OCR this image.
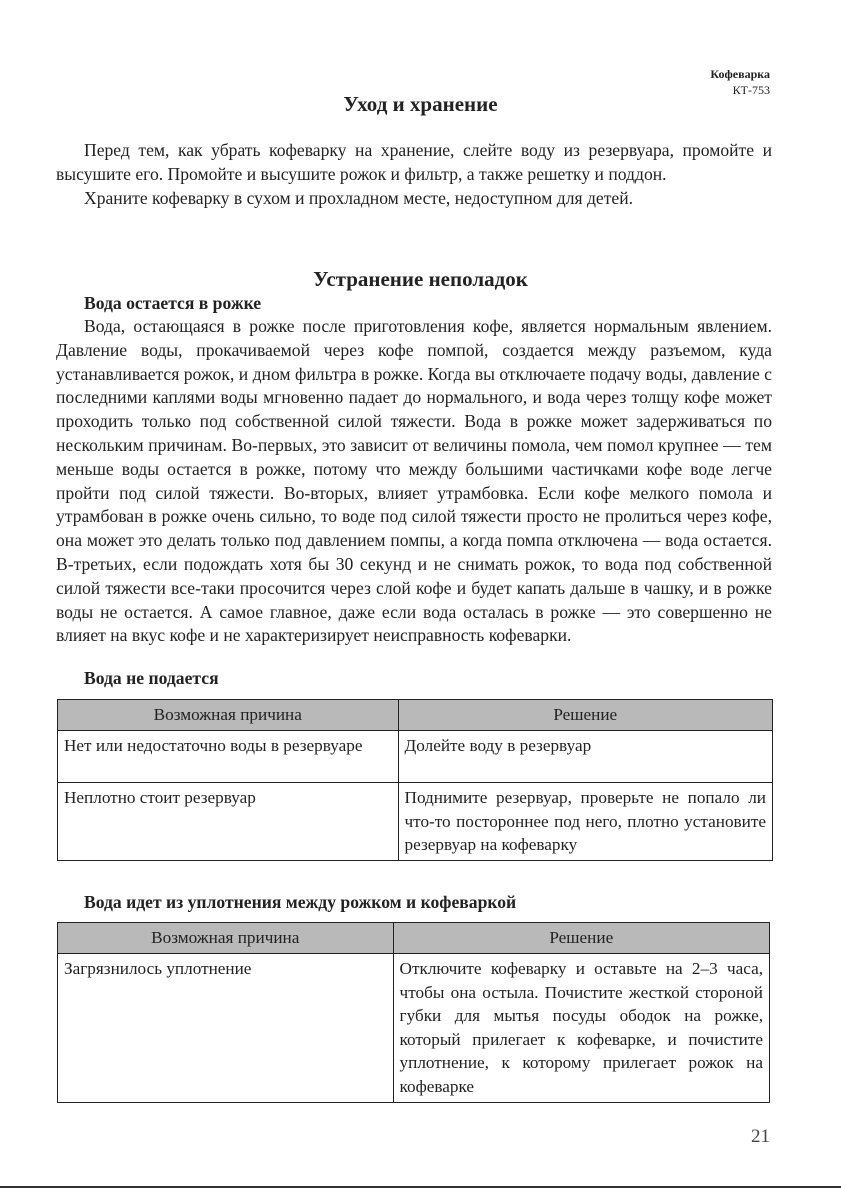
Кофеварка
КТ-753
Уход и хранение

Перед тем, как убрать кофеварку на хранение, слейте воду из резервуара, промойте и высушите его. Промойте и высушите рожок и фильтр, а также решетку и поддон.

Храните кофеварку в сухом и прохладном месте, недоступном для детей.

Устранение неполадок
Вода остается в рожке

Вода, остающаяся в рожке после приготовления кофе, является нормальным явлением. Давление воды, прокачиваемой через кофе помпой, создается между разъемом, куда устанавливается рожок, и дном фильтра в рожке. Когда вы отключаете подачу воды, давление с последними каплями воды мгновенно падает до нормального, и вода через толщу кофе может проходить только под собственной силой тяжести. Вода в рожке может задерживаться по нескольким причинам. Во-первых, это зависит от величины помола, чем помол крупнее — тем меньше воды остается в рожке, потому что между большими частичками кофе воде легче пройти под силой тяжести. Во-вторых, влияет утрамбовка. Если кофе мелкого помола и утрамбован в рожке очень сильно, то воде под силой тяжести просто не пролиться через кофе, она может это делать только под давлением помпы, а когда помпа отключена — вода остается. В-третьих, если подождать хотя бы 30 секунд и не снимать рожок, то вода под собственной силой тяжести все-таки просочится через слой кофе и будет капать дальше в чашку, и в рожке воды не остается. А самое главное, даже если вода осталась в рожке — это совершенно не влияет на вкус кофе и не характеризирует неисправность кофеварки.

Вода не подается
Возможная причина	Решение
Нет или недостаточно воды в резервуаре	Долейте воду в резервуар
Неплотно стоит резервуар	Поднимите резервуар, проверьте не попало ли что-то постороннее под него, плотно установите резервуар на кофеварку
Вода идет из уплотнения между рожком и кофеваркой
Возможная причина	Решение
Загрязнилось уплотнение	Отключите кофеварку и оставьте на 2–3 часа, чтобы она остыла. Почистите жесткой стороной губки для мытья посуды ободок на рожке, который прилегает к кофеварке, и почистите уплотнение, к которому прилегает рожок на кофеварке
21
